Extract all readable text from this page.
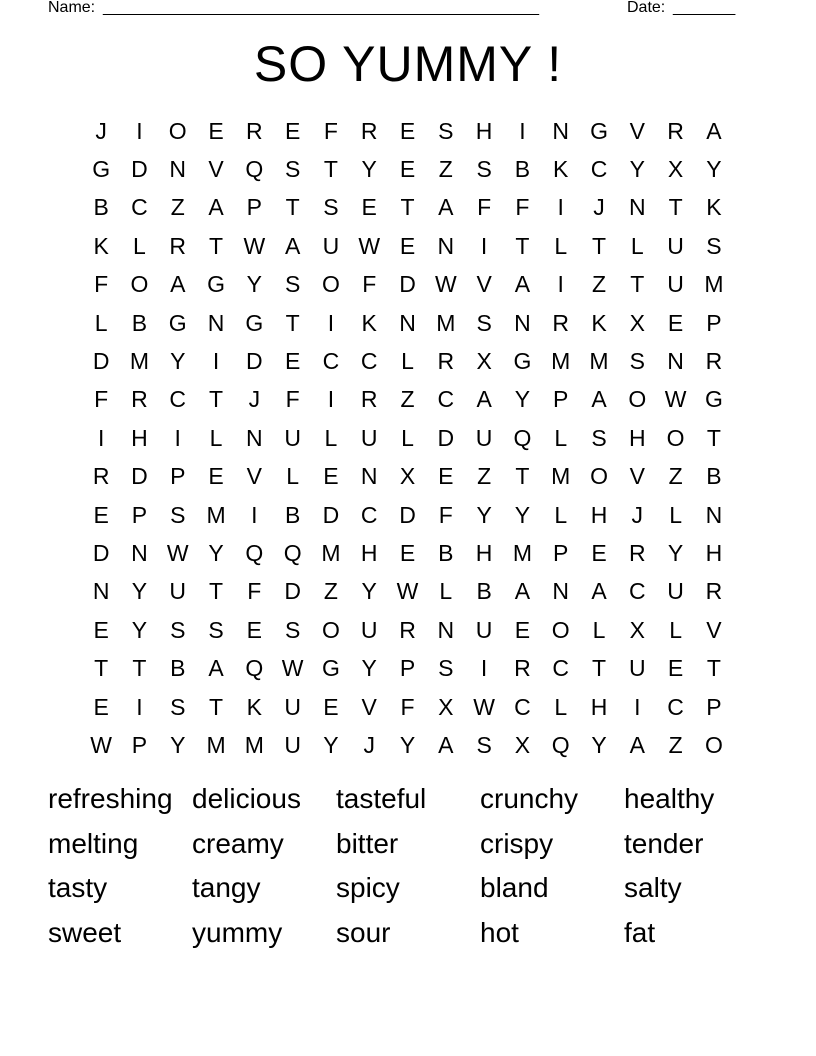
Name: _________________________________________________	Date: _______
SO YUMMY !
J	I	O E R E	F R E S H	I	N G V R A
G D N V Q S	T	Y E	Z	S B K C Y X Y
B C Z	A P	T	S E	T	A	F	F	I	J	N T	K
K	L	R T W A U W E N	I	T	L	T	L	U S
F O A G Y S O F D W V A	I	Z	T U M
L	B G N G T	I	K N M S N R K X E P
D M Y	I	D E C C	L	R X G M M S N R
F R C T	J	F	I	R Z C A Y P A O W G
I	H	I	L	N U	L	U	L	D U Q L	S H O T
R D P E V	L	E N X E	Z	T M O V	Z	B
E P S M	I	B D C D F	Y Y	L	H	J	L	N
D N W Y Q Q M H E B H M P E R Y H
N Y U T	F D Z	Y W L	B A N A C U R
E Y S S E S O U R N U E O L	X	L	V
T	T	B A Q W G Y P S	I	R C T U E	T
E	I	S	T	K U E V	F	X W C	L	H	I	C P
W P Y M M U Y	J	Y A S X Q Y A	Z O
refreshing delicious	tasteful	crunchy	healthy
melting	creamy	bitter	crispy	tender
tasty	tangy	spicy	bland	salty
sweet	yummy	sour	hot	fat
